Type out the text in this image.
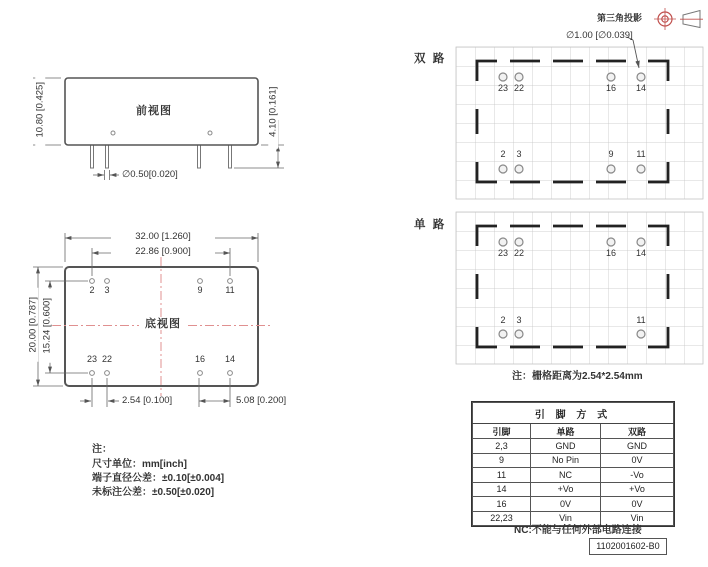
前视图
10.80 [0.425]	4.10 [0.161]
∅0.50[0.020]
32.00 [1.260]
22.86 [0.900]
20.00 [0.787] 15.24 [0.600]	底视图
2	3	9	11
23 22	16 14
2.54 [0.100]	5.08 [0.200]
注：
尺寸单位：mm[inch]
端子直径公差：±0.10[±0.004]
未标注公差：±0.50[±0.020]
第三角投影
∅1.00 [∅0.039]
双 路
单 路
23 22	16 14
2	3	9	11
23 22	16 14
2	3	11
注：栅格距离为2.54*2.54mm
引 脚 方 式		
引脚	单路	双路
2,3	GND	GND
9	No Pin	0V
11	NC	-Vo
14	+Vo	+Vo
16	0V	0V
22,23	Vin	Vin
NC:不能与任何外部电路连接
1102001602-B0
